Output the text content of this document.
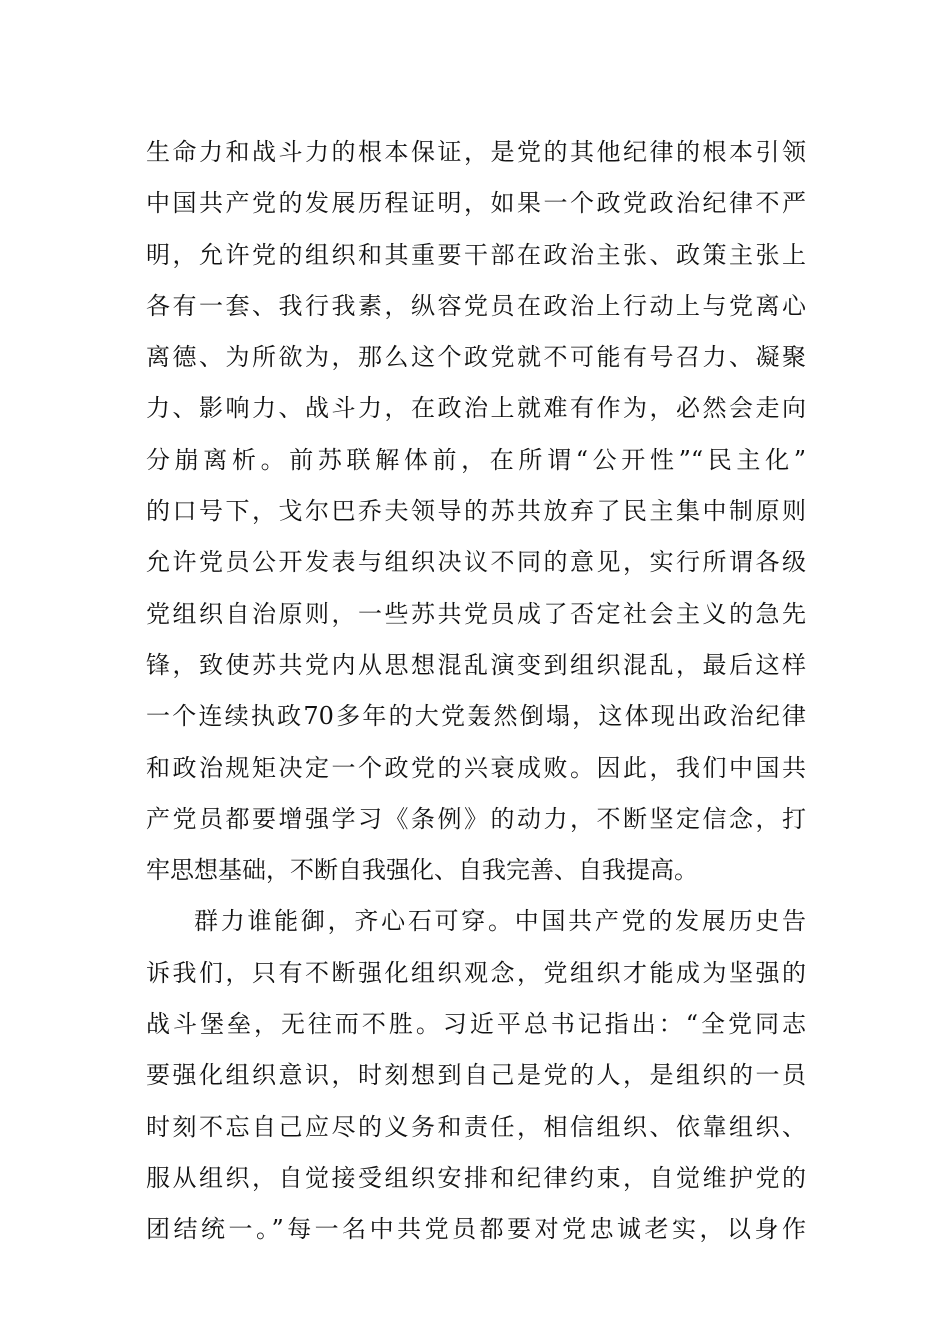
生命力和战斗力的根本保证，是党的其他纪律的根本引领
中国共产党的发展历程证明，如果一个政党政治纪律不严
明，允许党的组织和其重要干部在政治主张、政策主张上
各有一套、我行我素，纵容党员在政治上行动上与党离心
离德、为所欲为，那么这个政党就不可能有号召力、凝聚
力、影响力、战斗力，在政治上就难有作为，必然会走向
分崩离析。前苏联解体前，在所谓“公开性”“民主化”
的口号下，戈尔巴乔夫领导的苏共放弃了民主集中制原则
允许党员公开发表与组织决议不同的意见，实行所谓各级
党组织自治原则，一些苏共党员成了否定社会主义的急先
锋，致使苏共党内从思想混乱演变到组织混乱，最后这样
一个连续执政70多年的大党轰然倒塌，这体现出政治纪律
和政治规矩决定一个政党的兴衰成败。因此，我们中国共
产党员都要增强学习《条例》的动力，不断坚定信念，打
牢思想基础，不断自我强化、自我完善、自我提高。
群力谁能御，齐心石可穿。中国共产党的发展历史告
诉我们，只有不断强化组织观念，党组织才能成为坚强的
战斗堡垒，无往而不胜。习近平总书记指出：“全党同志
要强化组织意识，时刻想到自己是党的人，是组织的一员
时刻不忘自己应尽的义务和责任，相信组织、依靠组织、
服从组织，自觉接受组织安排和纪律约束，自觉维护党的
团结统一。”每一名中共党员都要对党忠诚老实，以身作
